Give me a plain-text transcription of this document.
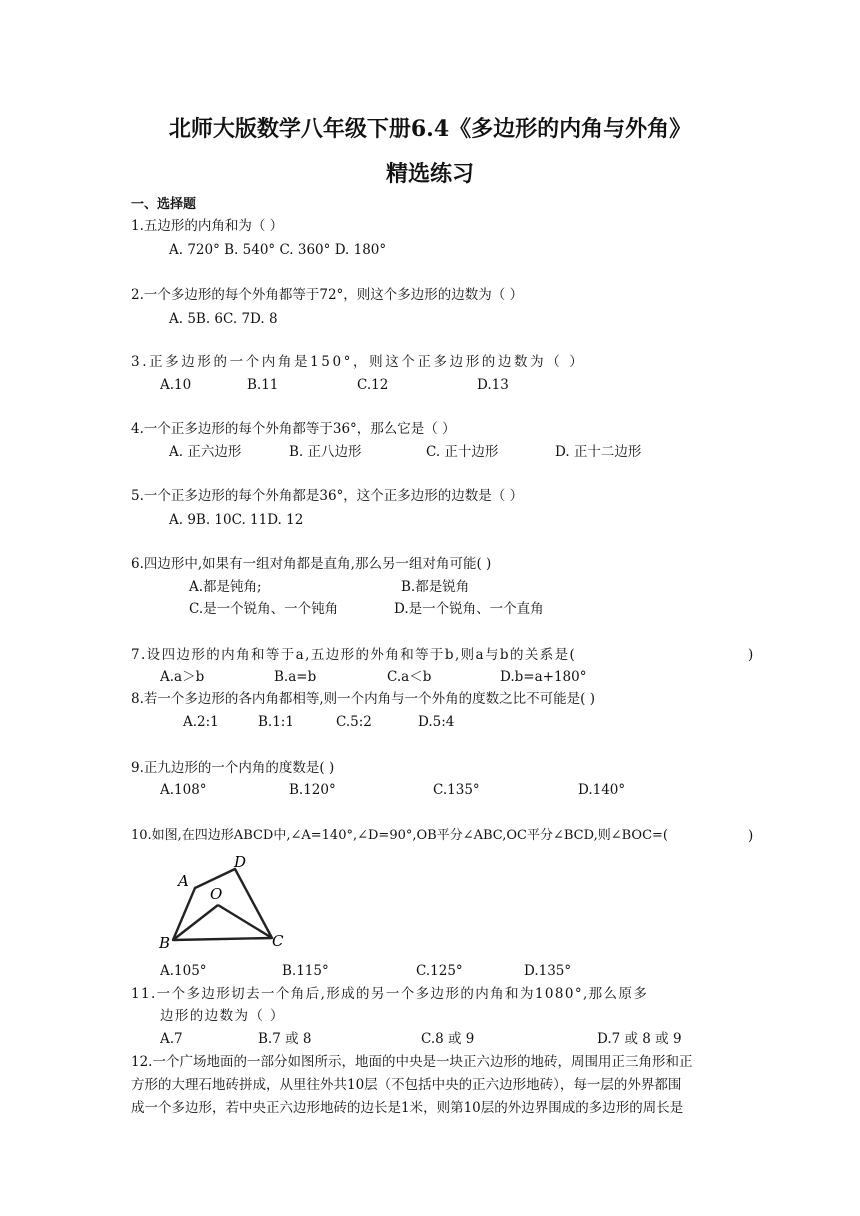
北师大版数学八年级下册6.4《多边形的内角与外角》
精选练习
一、选择题
1.五边形的内角和为（ ）
A. 720° B. 540° C. 360° D. 180°
2.一个多边形的每个外角都等于72°，则这个多边形的边数为（ ）
A. 5B. 6C. 7D. 8
3.正多边形的一个内角是150°，则这个正多边形的边数为（ ）
A.10	B.11	C.12	D.13
4.一个正多边形的每个外角都等于36°，那么它是（ ）
A. 正六边形	B. 正八边形	C. 正十边形	D. 正十二边形
5.一个正多边形的每个外角都是36°，这个正多边形的边数是（ ）
A. 9B. 10C. 11D. 12
6.四边形中,如果有一组对角都是直角,那么另一组对角可能( )
A.都是钝角;	B.都是锐角
C.是一个锐角、一个钝角	D.是一个锐角、一个直角
7.设四边形的内角和等于a,五边形的外角和等于b,则a与b的关系是(	)
A.a＞b	B.a=b	C.a＜b	D.b=a+180°
8.若一个多边形的各内角都相等,则一个内角与一个外角的度数之比不可能是( )
A.2:1	B.1:1	C.5:2	D.5:4
9.正九边形的一个内角的度数是( )
A.108°	B.120°	C.135°	D.140°
10.如图,在四边形ABCD中,∠A=140°,∠D=90°,OB平分∠ABC,OC平分∠BCD,则∠BOC=(	)
A
B	C
D
O
A.105°	B.115°	C.125°	D.135°
11.一个多边形切去一个角后,形成的另一个多边形的内角和为1080°,那么原多
边形的边数为（ ）
A.7	B.7 或 8	C.8 或 9	D.7 或 8 或 9
12.一个广场地面的一部分如图所示，地面的中央是一块正六边形的地砖，周围用正三角形和正
方形的大理石地砖拼成，从里往外共10层（不包括中央的正六边形地砖），每一层的外界都围
成一个多边形，若中央正六边形地砖的边长是1米，则第10层的外边界围成的多边形的周长是
